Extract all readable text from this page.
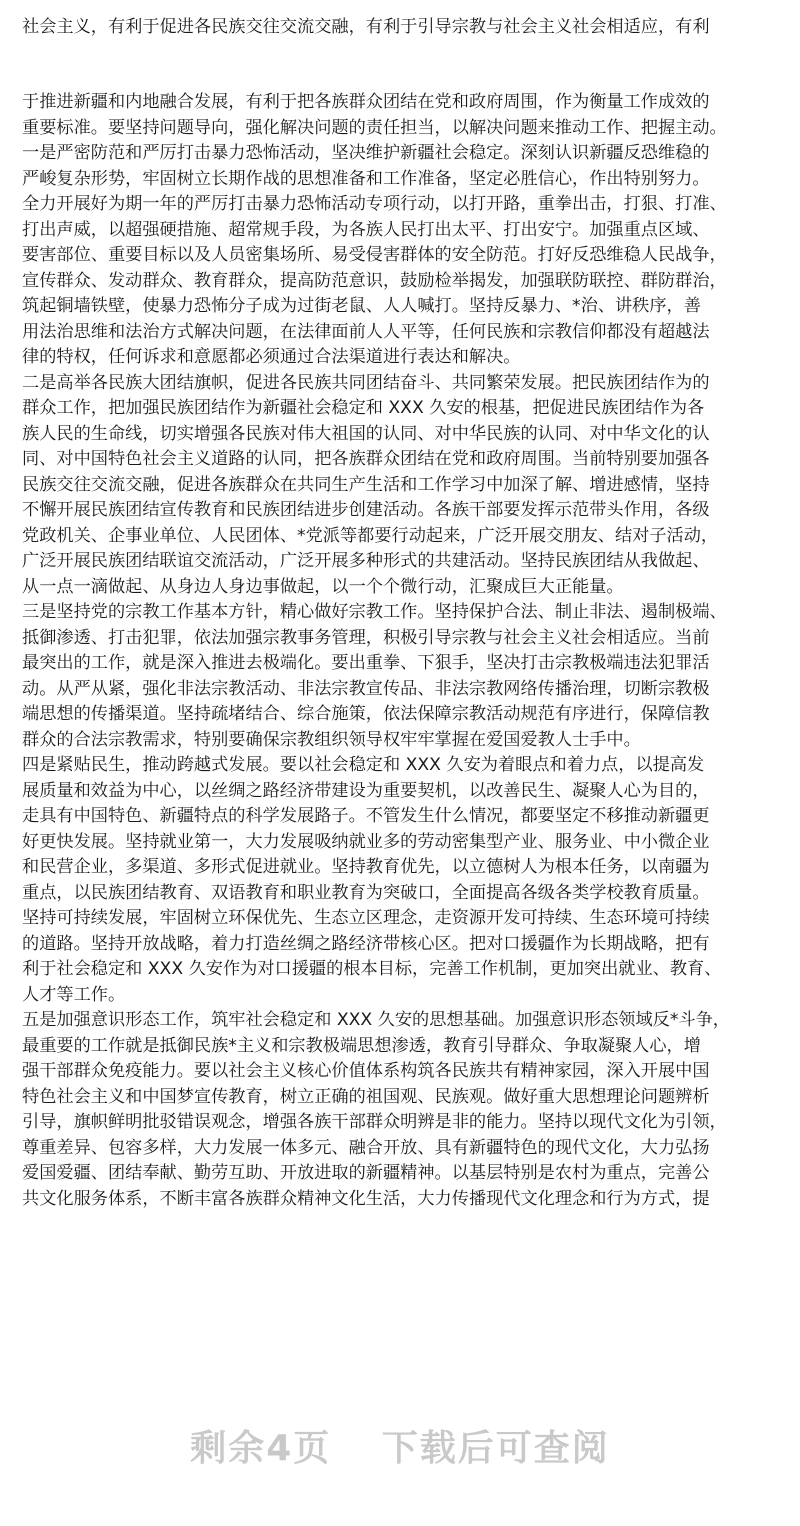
社会主义，有利于促进各民族交往交流交融，有利于引导宗教与社会主义社会相适应，有利
于推进新疆和内地融合发展，有利于把各族群众团结在党和政府周围，作为衡量工作成效的
重要标准。要坚持问题导向，强化解决问题的责任担当，以解决问题来推动工作、把握主动。
一是严密防范和严厉打击暴力恐怖活动，坚决维护新疆社会稳定。深刻认识新疆反恐维稳的
严峻复杂形势，牢固树立长期作战的思想准备和工作准备，坚定必胜信心，作出特别努力。
全力开展好为期一年的严厉打击暴力恐怖活动专项行动，以打开路，重拳出击，打狠、打准、
打出声威，以超强硬措施、超常规手段，为各族人民打出太平、打出安宁。加强重点区域、
要害部位、重要目标以及人员密集场所、易受侵害群体的安全防范。打好反恐维稳人民战争，
宣传群众、发动群众、教育群众，提高防范意识，鼓励检举揭发，加强联防联控、群防群治，
筑起铜墙铁壁，使暴力恐怖分子成为过街老鼠、人人喊打。坚持反暴力、*治、讲秩序，善
用法治思维和法治方式解决问题，在法律面前人人平等，任何民族和宗教信仰都没有超越法
律的特权，任何诉求和意愿都必须通过合法渠道进行表达和解决。
二是高举各民族大团结旗帜，促进各民族共同团结奋斗、共同繁荣发展。把民族团结作为的
群众工作，把加强民族团结作为新疆社会稳定和 XXX 久安的根基，把促进民族团结作为各
族人民的生命线，切实增强各民族对伟大祖国的认同、对中华民族的认同、对中华文化的认
同、对中国特色社会主义道路的认同，把各族群众团结在党和政府周围。当前特别要加强各
民族交往交流交融，促进各族群众在共同生产生活和工作学习中加深了解、增进感情，坚持
不懈开展民族团结宣传教育和民族团结进步创建活动。各族干部要发挥示范带头作用，各级
党政机关、企事业单位、人民团体、*党派等都要行动起来，广泛开展交朋友、结对子活动，
广泛开展民族团结联谊交流活动，广泛开展多种形式的共建活动。坚持民族团结从我做起、
从一点一滴做起、从身边人身边事做起，以一个个微行动，汇聚成巨大正能量。
三是坚持党的宗教工作基本方针，精心做好宗教工作。坚持保护合法、制止非法、遏制极端、
抵御渗透、打击犯罪，依法加强宗教事务管理，积极引导宗教与社会主义社会相适应。当前
最突出的工作，就是深入推进去极端化。要出重拳、下狠手，坚决打击宗教极端违法犯罪活
动。从严从紧，强化非法宗教活动、非法宗教宣传品、非法宗教网络传播治理，切断宗教极
端思想的传播渠道。坚持疏堵结合、综合施策，依法保障宗教活动规范有序进行，保障信教
群众的合法宗教需求，特别要确保宗教组织领导权牢牢掌握在爱国爱教人士手中。
四是紧贴民生，推动跨越式发展。要以社会稳定和 XXX 久安为着眼点和着力点，以提高发
展质量和效益为中心，以丝绸之路经济带建设为重要契机，以改善民生、凝聚人心为目的，
走具有中国特色、新疆特点的科学发展路子。不管发生什么情况，都要坚定不移推动新疆更
好更快发展。坚持就业第一，大力发展吸纳就业多的劳动密集型产业、服务业、中小微企业
和民营企业，多渠道、多形式促进就业。坚持教育优先，以立德树人为根本任务，以南疆为
重点，以民族团结教育、双语教育和职业教育为突破口，全面提高各级各类学校教育质量。
坚持可持续发展，牢固树立环保优先、生态立区理念，走资源开发可持续、生态环境可持续
的道路。坚持开放战略，着力打造丝绸之路经济带核心区。把对口援疆作为长期战略，把有
利于社会稳定和 XXX 久安作为对口援疆的根本目标，完善工作机制，更加突出就业、教育、
人才等工作。
五是加强意识形态工作，筑牢社会稳定和 XXX 久安的思想基础。加强意识形态领域反*斗争，
最重要的工作就是抵御民族*主义和宗教极端思想渗透，教育引导群众、争取凝聚人心，增
强干部群众免疫能力。要以社会主义核心价值体系构筑各民族共有精神家园，深入开展中国
特色社会主义和中国梦宣传教育，树立正确的祖国观、民族观。做好重大思想理论问题辨析
引导，旗帜鲜明批驳错误观念，增强各族干部群众明辨是非的能力。坚持以现代文化为引领，
尊重差异、包容多样，大力发展一体多元、融合开放、具有新疆特色的现代文化，大力弘扬
爱国爱疆、团结奉献、勤劳互助、开放进取的新疆精神。以基层特别是农村为重点，完善公
共文化服务体系，不断丰富各族群众精神文化生活，大力传播现代文化理念和行为方式，提
剩余4页 下载后可查阅
